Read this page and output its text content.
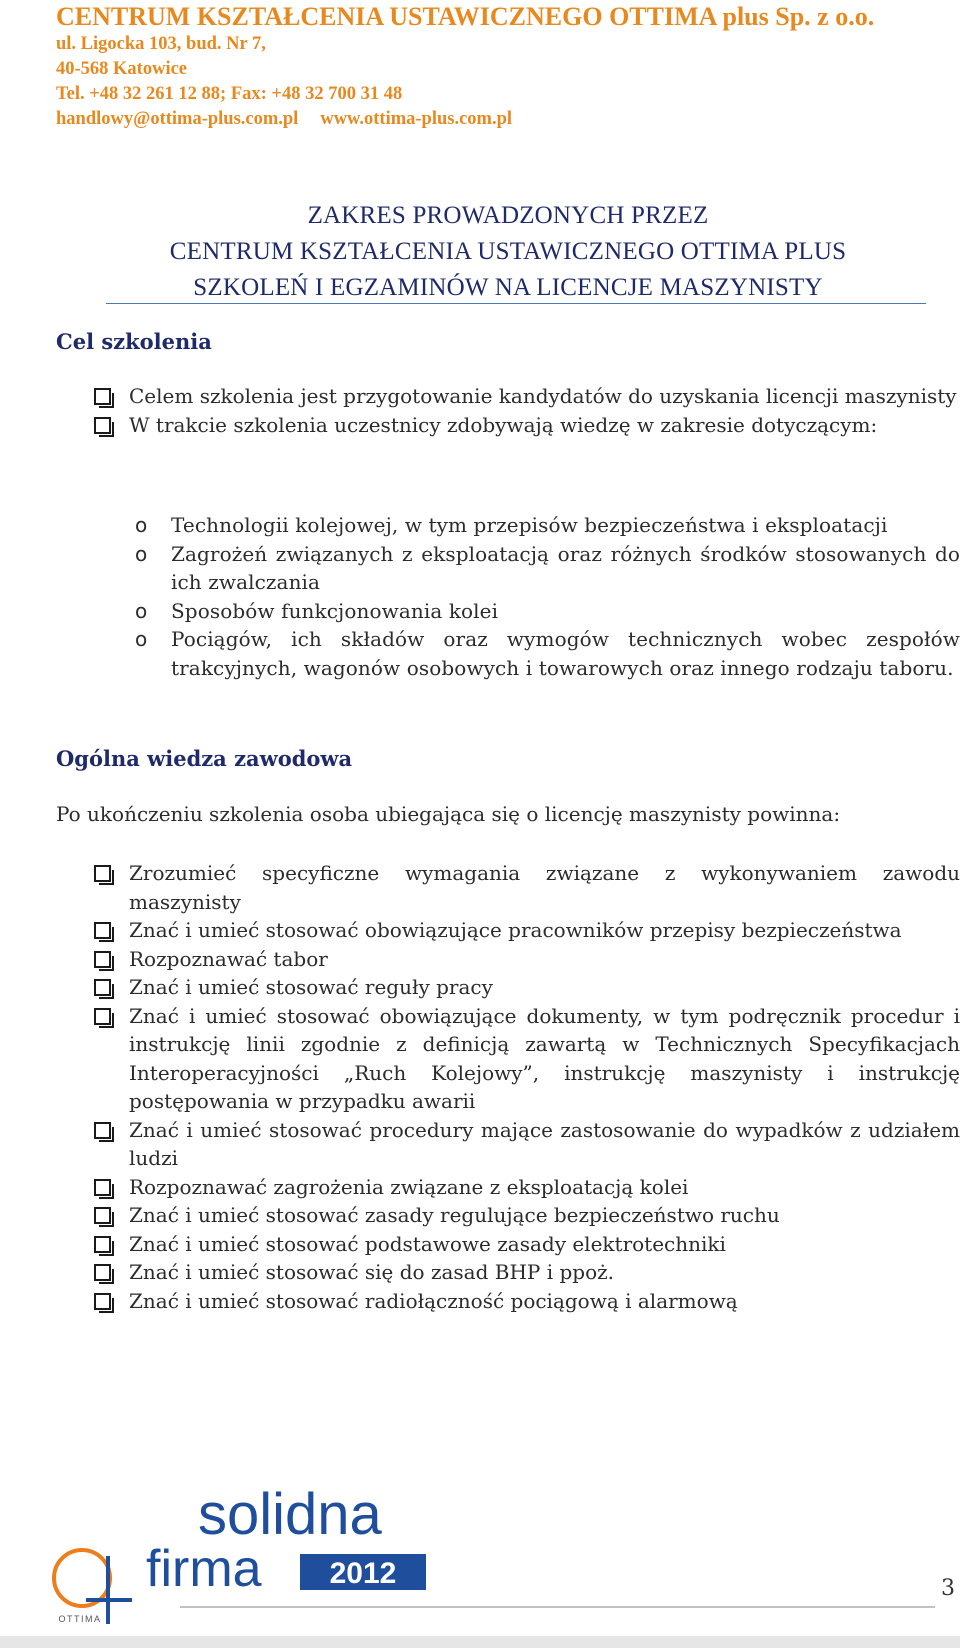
CENTRUM KSZTAŁCENIA USTAWICZNEGO OTTIMA plus Sp. z o.o.
ul. Ligocka 103, bud. Nr 7,
40-568 Katowice
Tel. +48 32 261 12 88; Fax: +48 32 700 31 48
handlowy@ottima-plus.com.pl www.ottima-plus.com.pl
ZAKRES PROWADZONYCH PRZEZ
CENTRUM KSZTAŁCENIA USTAWICZNEGO OTTIMA PLUS
SZKOLEŃ I EGZAMINÓW NA LICENCJE MASZYNISTY
Cel szkolenia
Celem szkolenia jest przygotowanie kandydatów do uzyskania licencji maszynisty
W trakcie szkolenia uczestnicy zdobywają wiedzę w zakresie dotyczącym:
o Technologii kolejowej, w tym przepisów bezpieczeństwa i eksploatacji
o Zagrożeń związanych z eksploatacją oraz różnych środków stosowanych do ich zwalczania
o Sposobów funkcjonowania kolei
o Pociągów, ich składów oraz wymogów technicznych wobec zespołów trakcyjnych, wagonów osobowych i towarowych oraz innego rodzaju taboru.
Ogólna wiedza zawodowa
Po ukończeniu szkolenia osoba ubiegająca się o licencję maszynisty powinna:
Zrozumieć specyficzne wymagania związane z wykonywaniem zawodu maszynisty
Znać i umieć stosować obowiązujące pracowników przepisy bezpieczeństwa
Rozpoznawać tabor
Znać i umieć stosować reguły pracy
Znać i umieć stosować obowiązujące dokumenty, w tym podręcznik procedur i instrukcję linii zgodnie z definicją zawartą w Technicznych Specyfikacjach Interoperacyjności „Ruch Kolejowy”, instrukcję maszynisty i instrukcję postępowania w przypadku awarii
Znać i umieć stosować procedury mające zastosowanie do wypadków z udziałem ludzi
Rozpoznawać zagrożenia związane z eksploatacją kolei
Znać i umieć stosować zasady regulujące bezpieczeństwo ruchu
Znać i umieć stosować podstawowe zasady elektrotechniki
Znać i umieć stosować się do zasad BHP i ppoż.
Znać i umieć stosować radiołączność pociągową i alarmową
OTTIMA
solidna
firma 2012	3
